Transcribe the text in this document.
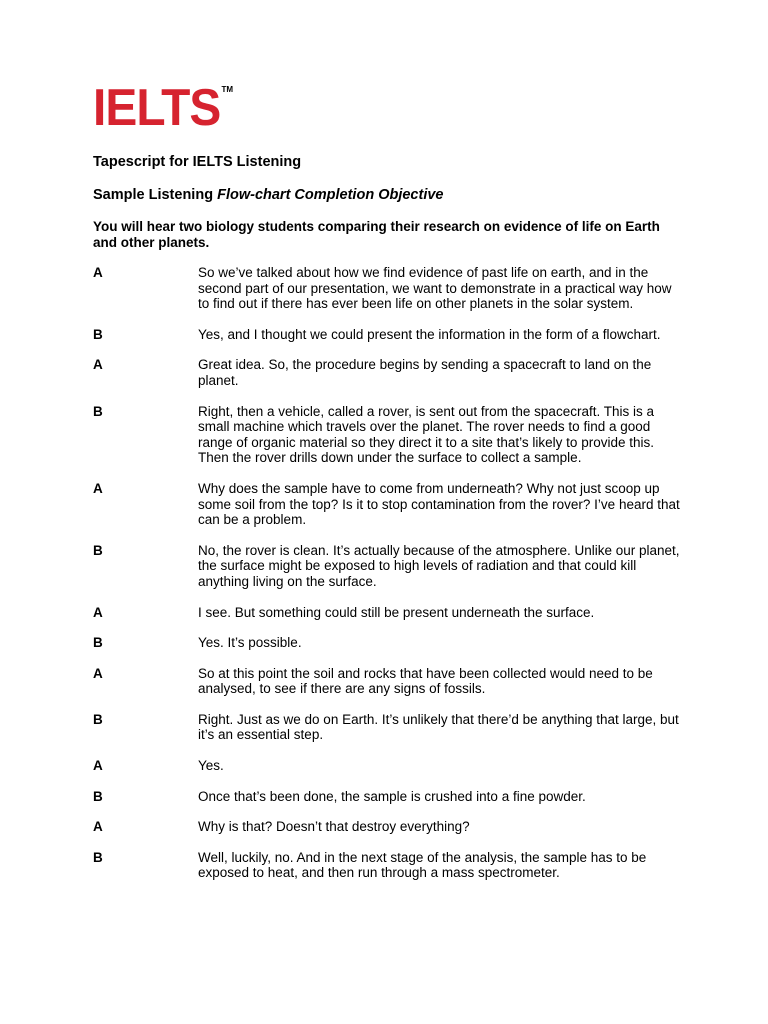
IELTS TM

Tapescript for IELTS Listening

Sample Listening Flow-chart Completion Objective

You will hear two biology students comparing their research on evidence of life on Earth and other planets.

A	So we’ve talked about how we find evidence of past life on earth, and in the second part of our presentation, we want to demonstrate in a practical way how to find out if there has ever been life on other planets in the solar system.
B	Yes, and I thought we could present the information in the form of a flowchart.
A	Great idea. So, the procedure begins by sending a spacecraft to land on the planet.
B	Right, then a vehicle, called a rover, is sent out from the spacecraft. This is a small machine which travels over the planet. The rover needs to find a good range of organic material so they direct it to a site that’s likely to provide this. Then the rover drills down under the surface to collect a sample.
A	Why does the sample have to come from underneath? Why not just scoop up some soil from the top? Is it to stop contamination from the rover? I’ve heard that can be a problem.
B	No, the rover is clean. It’s actually because of the atmosphere. Unlike our planet, the surface might be exposed to high levels of radiation and that could kill anything living on the surface.
A	I see. But something could still be present underneath the surface.
B	Yes. It’s possible.
A	So at this point the soil and rocks that have been collected would need to be analysed, to see if there are any signs of fossils.
B	Right. Just as we do on Earth. It’s unlikely that there’d be anything that large, but it’s an essential step.
A	Yes.
B	Once that’s been done, the sample is crushed into a fine powder.
A	Why is that? Doesn’t that destroy everything?
B	Well, luckily, no. And in the next stage of the analysis, the sample has to be exposed to heat, and then run through a mass spectrometer.
